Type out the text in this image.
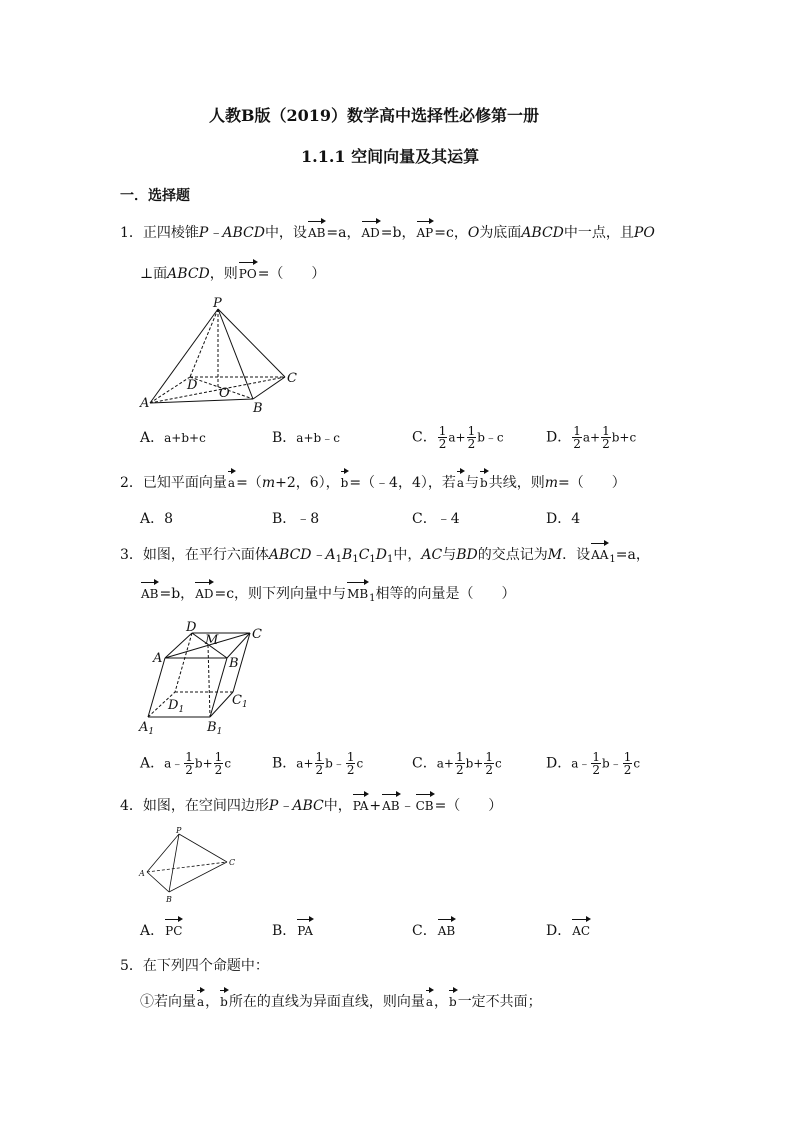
人教B版（2019）数学高中选择性必修第一册
1.1.1 空间向量及其运算
一．选择题
1．正四棱锥P﹣ABCD中，设AB=a，AD=b，AP=c，O为底面ABCD中一点，且PO
⊥面ABCD，则PO=（　　）
P
A	B
C
D
O
A．a+b+c	B．a+b﹣c	C． $\frac{1}{2} a+ \frac{1}{2}$ b﹣c	D． $\frac{1}{2} a+ \frac{1}{2} b+c$
2．已知平面向量a=（m+2，6），b=（﹣4，4），若a与b共线，则m=（　　）
A．8	B．﹣8	C．﹣4	D．4
3．如图，在平行六面体$ABCD﹣A_1B_1C_1D_1$中，AC与BD的交点记为M．设$AA_1=a$，
AB=b，AD=c，则下列向量中与$MB_1$相等的向量是（　　）
D
M	C
A	B
$C_1$
$D_1$
$A_1$	$B_1$
A．a﹣ $\frac{1}{2} b+ \frac{1}{2}$ c	B．$a+ \frac{1}{2}$ b﹣ $\frac{1}{2}$ c	C．$a+ \frac{1}{2} b+ \frac{1}{2}$ c	D．a﹣ $\frac{1}{2}$ b﹣ $\frac{1}{2}$ c
4．如图，在空间四边形P﹣ABC中，PA+AB﹣CB=（　　）
P
A
B
C
A．PC	B．PA	C．AB	D．AC
5．在下列四个命题中：
①若向量a，b所在的直线为异面直线，则向量a，b一定不共面；
